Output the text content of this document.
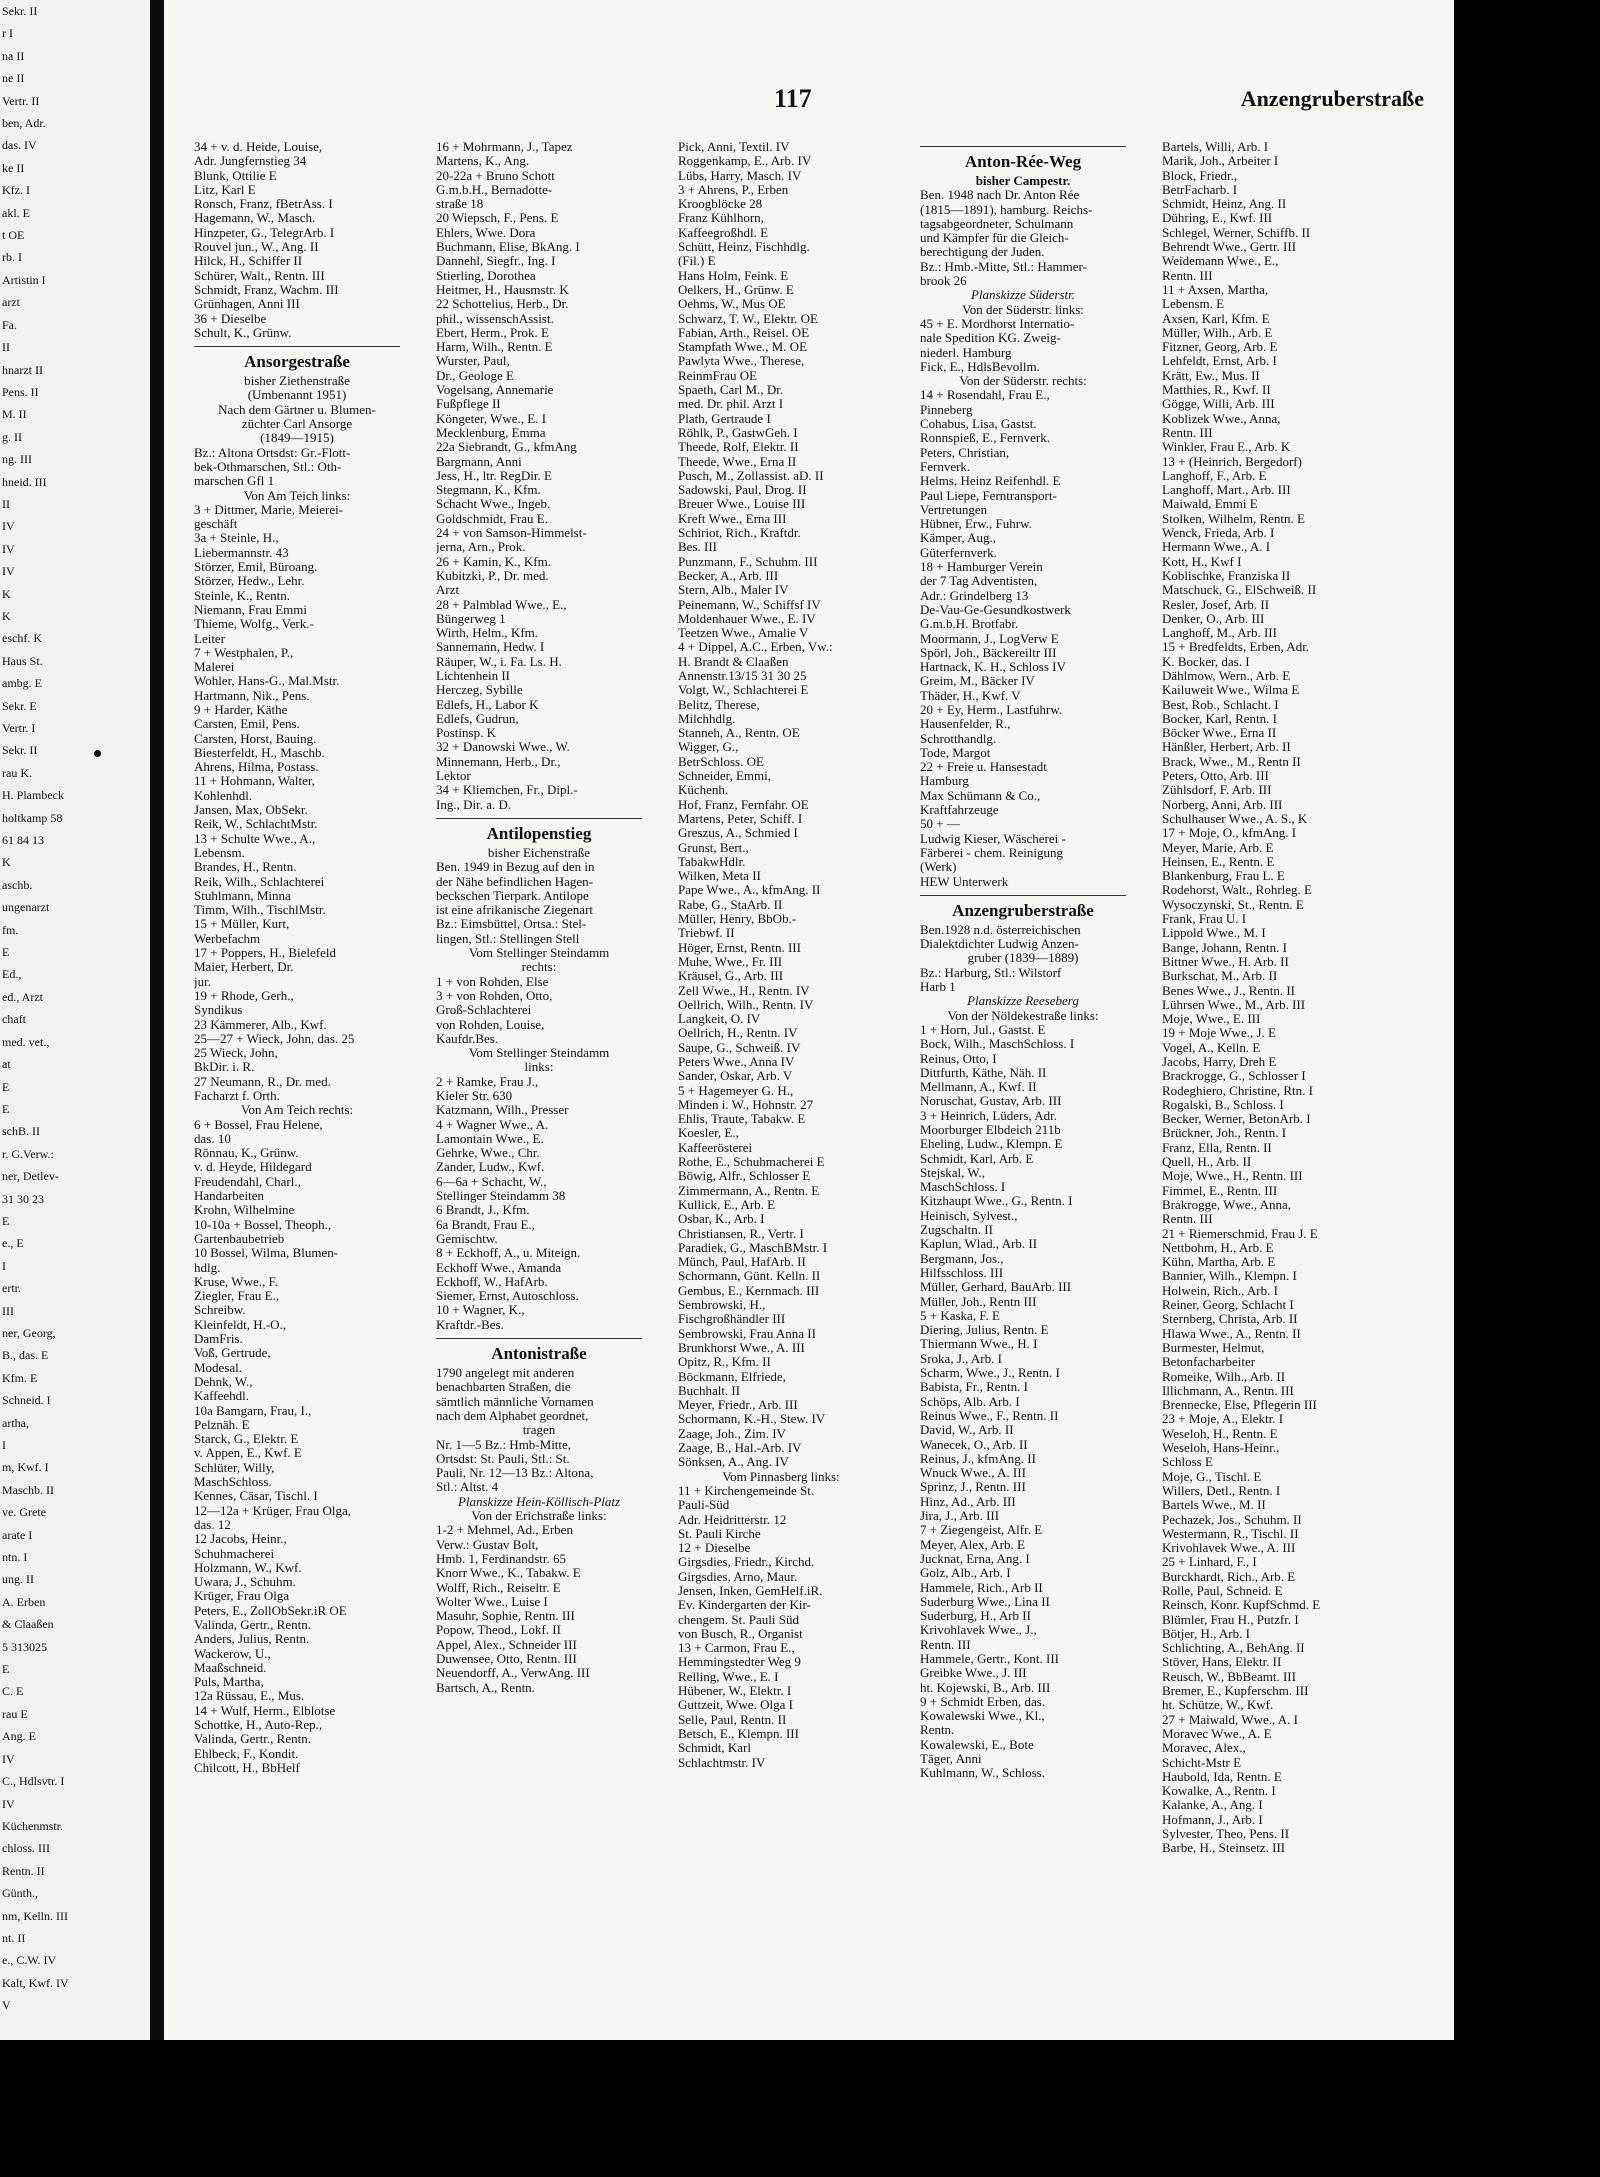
Sekr. II
r I
na II
ne II
Vertr. II
ben, Adr.
das. IV
ke II
Kfz. I
akl. E
t OE
rb. I
Artistin I
arzt
Fa.
II
hnarzt II
Pens. II
M. II
g. II
ng. III
hneid. III
II
IV
IV
IV
K
K
eschf. K
Haus St.
ambg. E
Sekr. E
Vertr. I
Sekr. II
rau K.
H. Plambeck
holtkamp 58
61 84 13
K
aschb.
ungenarzt
fm.
E
Ed.,
ed., Arzt
chaft
med. vet.,
at
E
E
schB. II
r. G.Verw.:
ner, Detlev-
31 30 23
E
e., E
I
ertr.
III
ner, Georg,
B., das. E
Kfm. E
Schneid. I
artha,
I
m, Kwf. I
Maschb. II
ve. Grete
arate I
ntn. I
ung. II
A. Erben
& Claaßen
5 313025
E
C. E
rau E
Ang. E
IV
C., Hdlsvtr. I
IV
Küchenmstr.
chloss. III
Rentn. II
Günth.,
nm, Kelln. III
nt. II
e., C.W. IV
Kalt, Kwf. IV
V
117	Anzengruberstraße
34 + v. d. Heide, Louise,
Adr. Jungfernstieg 34
Blunk, Ottilie E
Litz, Karl E
Ronsch, Franz, fBetrAss. I
Hagemann, W., Masch.
Hinzpeter, G., TelegrArb. I
Rouvel jun., W., Ang. II
Hilck, H., Schiffer II
Schürer, Walt., Rentn. III
Schmidt, Franz, Wachm. III
Grünhagen, Anni III
36 + Dieselbe
Schult, K., Grünw.
Ansorgestraße
bisher Ziethenstraße
(Umbenannt 1951)
Nach dem Gärtner u. Blumen-
züchter Carl Ansorge
(1849—1915)
Bz.: Altona Ortsdst: Gr.-Flott-
bek-Othmarschen, Stl.: Oth-
marschen Gfl 1
Von Am Teich links:
3 + Dittmer, Marie, Meierei-
geschäft
3a + Steinle, H.,
Liebermannstr. 43
Störzer, Emil, Büroang.
Störzer, Hedw., Lehr.
Steinle, K., Rentn.
Niemann, Frau Emmi
Thieme, Wolfg., Verk.-
Leiter
7 + Westphalen, P.,
Malerei
Wohler, Hans-G., Mal.Mstr.
Hartmann, Nik., Pens.
9 + Harder, Käthe
Carsten, Emil, Pens.
Carsten, Horst, Bauing.
Biesterfeldt, H., Maschb.
Ahrens, Hilma, Postass.
11 + Hohmann, Walter,
Kohlenhdl.
Jansen, Max, ObSekr.
Reik, W., SchlachtMstr.
13 + Schulte Wwe., A.,
Lebensm.
Brandes, H., Rentn.
Reik, Wilh., Schlachterei
Stuhlmann, Minna
Timm, Wilh., TischlMstr.
15 + Müller, Kurt,
Werbefachm
17 + Poppers, H., Bielefeld
Maier, Herbert, Dr.
jur.
19 + Rhode, Gerh.,
Syndikus
23 Kämmerer, Alb., Kwf.
25—27 + Wieck, John, das. 25
25 Wieck, John,
BkDir. i. R.
27 Neumann, R., Dr. med.
Facharzt f. Orth.
Von Am Teich rechts:
6 + Bossel, Frau Helene,
das. 10
Rönnau, K., Grünw.
v. d. Heyde, Hildegard
Freudendahl, Charl.,
Handarbeiten
Krohn, Wilhelmine
10-10a + Bossel, Theoph.,
Gartenbaubetrieb
10 Bossel, Wilma, Blumen-
hdlg.
Kruse, Wwe., F.
Ziegler, Frau E.,
Schreibw.
Kleinfeldt, H.-O.,
DamFris.
Voß, Gertrude,
Modesal.
Dehnk, W.,
Kaffeehdl.
10a Bamgarn, Frau, I.,
Pelznäh. E
Starck, G., Elektr. E
v. Appen, E., Kwf. E
Schlüter, Willy,
MaschSchloss.
Kennes, Cäsar, Tischl. I
12—12a + Krüger, Frau Olga,
das. 12
12 Jacobs, Heinr.,
Schuhmacherei
Holzmann, W., Kwf.
Uwara, J., Schuhm.
Krüger, Frau Olga
Peters, E., ZollObSekr.iR OE
Valinda, Gertr., Rentn.
Anders, Julius, Rentn.
Wackerow, U.,
Maaßschneid.
Puls, Martha,
12a Rüssau, E., Mus.
14 + Wulf, Herm., Elblotse
Schottke, H., Auto-Rep.,
Valinda, Gertr., Rentn.
Ehlbeck, F., Kondit.
Chilcott, H., BbHelf
16 + Mohrmann, J., Tapez
Martens, K., Ang.
20-22a + Bruno Schott
G.m.b.H., Bernadotte-
straße 18
20 Wiepsch, F., Pens. E
Ehlers, Wwe. Dora
Buchmann, Elise, BkAng. I
Dannehl, Siegfr., Ing. I
Stierling, Dorothea
Heitmer, H., Hausmstr. K
22 Schottelius, Herb., Dr.
phil., wissenschAssist.
Ebert, Herm., Prok. E
Harm, Wilh., Rentn. E
Wurster, Paul,
Dr., Geologe E
Vogelsang, Annemarie
Fußpflege II
Köngeter, Wwe., E. I
Mecklenburg, Emma
22a Siebrandt, G., kfmAng
Bargmann, Anni
Jess, H., ltr. RegDir. E
Stegmann, K., Kfm.
Schacht Wwe., Ingeb.
Goldschmidt, Frau E.
24 + von Samson-Himmelst-
jerna, Arn., Prok.
26 + Kamin, K., Kfm.
Kubitzki, P., Dr. med.
Arzt
28 + Palmblad Wwe., E.,
Büngerweg 1
Wirth, Helm., Kfm.
Sannemann, Hedw. I
Räuper, W., i. Fa. Ls. H.
Lichtenhein II
Herczeg, Sybille
Edlefs, H., Labor K
Edlefs, Gudrun,
Postinsp. K
32 + Danowski Wwe., W.
Minnemann, Herb., Dr.,
Lektor
34 + Kliemchen, Fr., Dipl.-
Ing., Dir. a. D.
Antilopenstieg
bisher Eichenstraße
Ben. 1949 in Bezug auf den in
der Nähe befindlichen Hagen-
beckschen Tierpark. Antilope
ist eine afrikanische Ziegenart
Bz.: Eimsbüttel, Ortsa.: Stel-
lingen, Stl.: Stellingen Stell
Vom Stellinger Steindamm
rechts:
1 + von Rohden, Else
3 + von Rohden, Otto,
Groß-Schlachterei
von Rohden, Louise,
Kaufdr.Bes.
Vom Stellinger Steindamm
links:
2 + Ramke, Frau J.,
Kieler Str. 630
Katzmann, Wilh., Presser
4 + Wagner Wwe., A.
Lamontain Wwe., E.
Gehrke, Wwe., Chr.
Zander, Ludw., Kwf.
6—6a + Schacht, W.,
Stellinger Steindamm 38
6 Brandt, J., Kfm.
6a Brandt, Frau E.,
Gemischtw.
8 + Eckhoff, A., u. Miteign.
Eckhoff Wwe., Amanda
Eckhoff, W., HafArb.
Siemer, Ernst, Autoschloss.
10 + Wagner, K.,
Kraftdr.-Bes.
Antonistraße
1790 angelegt mit anderen
benachbarten Straßen, die
sämtlich männliche Vornamen
nach dem Alphabet geordnet,
tragen
Nr. 1—5 Bz.: Hmb-Mitte,
Ortsdst: St. Pauli, Stl.: St.
Pauli, Nr. 12—13 Bz.: Altona,
Stl.: Altst. 4
Planskizze Hein-Köllisch-Platz
Von der Erichstraße links:
1-2 + Mehmel, Ad., Erben
Verw.: Gustav Bolt,
Hmb. 1, Ferdinandstr. 65
Knorr Wwe., K., Tabakw. E
Wolff, Rich., Reiseltr. E
Wolter Wwe., Luise I
Masuhr, Sophie, Rentn. III
Popow, Theod., Lokf. II
Appel, Alex., Schneider III
Duwensee, Otto, Rentn. III
Neuendorff, A., VerwAng. III
Bartsch, A., Rentn.
Pick, Anni, Textil. IV
Roggenkamp, E., Arb. IV
Lübs, Harry, Masch. IV
3 + Ahrens, P., Erben
Kroogblöcke 28
Franz Kühlhorn,
Kaffeegroßhdl. E
Schütt, Heinz, Fischhdlg.
(Fil.) E
Hans Holm, Feink. E
Oelkers, H., Grünw. E
Oehms, W., Mus OE
Schwarz, T. W., Elektr. OE
Fabian, Arth., Reisel. OE
Stampfath Wwe., M. OE
Pawlyta Wwe., Therese,
ReinmFrau OE
Spaeth, Carl M., Dr.
med. Dr. phil. Arzt I
Plath, Gertraude I
Röhlk, P., GastwGeh. I
Theede, Rolf, Elektr. II
Theede, Wwe., Erna II
Pusch, M., Zollassist. aD. II
Sadowski, Paul, Drog. II
Breuer Wwe., Louise III
Kreft Wwe., Erna III
Schiriot, Rich., Kraftdr.
Bes. III
Punzmann, F., Schuhm. III
Becker, A., Arb. III
Stern, Alb., Maler IV
Peinemann, W., Schiffsf IV
Moldenhauer Wwe., E. IV
Teetzen Wwe., Amalie V
4 + Dippel, A.C., Erben, Vw.:
H. Brandt & Claaßen
Annenstr.13/15 31 30 25
Volgt, W., Schlachterei E
Belitz, Therese,
Milchhdlg.
Stanneh, A., Rentn. OE
Wigger, G.,
BetrSchloss. OE
Schneider, Emmi,
Küchenh.
Hof, Franz, Fernfahr. OE
Martens, Peter, Schiff. I
Greszus, A., Schmied I
Grunst, Bert.,
TabakwHdlr.
Wilken, Meta II
Pape Wwe., A., kfmAng. II
Rabe, G., StaArb. II
Müller, Henry, BbOb.-
Triebwf. II
Höger, Ernst, Rentn. III
Muhe, Wwe., Fr. III
Kräusel, G., Arb. III
Zell Wwe., H., Rentn. IV
Oellrich, Wilh., Rentn. IV
Langkeit, O. IV
Oellrich, H., Rentn. IV
Saupe, G., Schweiß. IV
Peters Wwe., Anna IV
Sander, Oskar, Arb. V
5 + Hagemeyer G. H.,
Minden i. W., Hohnstr. 27
Ehlis, Traute, Tabakw. E
Koesler, E.,
Kaffeerösterei
Rothe, E., Schuhmacherei E
Böwig, Alfr., Schlosser E
Zimmermann, A., Rentn. E
Kullick, E., Arb. E
Osbar, K., Arb. I
Christiansen, R., Vertr. I
Paradiek, G., MaschBMstr. I
Münch, Paul, HafArb. II
Schormann, Günt. Kelln. II
Gembus, E., Kernmach. III
Sembrowski, H.,
Fischgroßhändler III
Sembrowski, Frau Anna II
Brunkhorst Wwe., A. III
Opitz, R., Kfm. II
Böckmann, Elfriede,
Buchhalt. II
Meyer, Friedr., Arb. III
Schormann, K.-H., Stew. IV
Zaage, Joh., Zim. IV
Zaage, B., Hal.-Arb. IV
Sönksen, A., Ang. IV
Vom Pinnasberg links:
11 + Kirchengemeinde St.
Pauli-Süd
Adr. Heidritterstr. 12
St. Pauli Kirche
12 + Dieselbe
Girgsdies, Friedr., Kirchd.
Girgsdies, Arno, Maur.
Jensen, Inken, GemHelf.iR.
Ev. Kindergarten der Kir-
chengem. St. Pauli Süd
von Busch, R., Organist
13 + Carmon, Frau E.,
Hemmingstedter Weg 9
Relling, Wwe., E. I
Hübener, W., Elektr. I
Guttzeit, Wwe. Olga I
Selle, Paul, Rentn. II
Betsch, E., Klempn. III
Schmidt, Karl
Schlachtmstr. IV
Anton-Rée-Weg
bisher Campestr.
Ben. 1948 nach Dr. Anton Rée
(1815—1891), hamburg. Reichs-
tagsabgeordneter, Schulmann
und Kämpfer für die Gleich-
berechtigung der Juden.
Bz.: Hmb.-Mitte, Stl.: Hammer-
brook 26
Planskizze Süderstr.
Von der Süderstr. links:
45 + E. Mordhorst Internatio-
nale Spedition KG. Zweig-
niederl. Hamburg
Fick, E., HdlsBevollm.
Von der Süderstr. rechts:
14 + Rosendahl, Frau E.,
Pinneberg
Cohabus, Lisa, Gastst.
Ronnspieß, E., Fernverk.
Peters, Christian,
Fernverk.
Helms, Heinz Reifenhdl. E
Paul Liepe, Ferntransport-
Vertretungen
Hübner, Erw., Fuhrw.
Kämper, Aug.,
Güterfernverk.
18 + Hamburger Verein
der 7 Tag Adventisten,
Adr.: Grindelberg 13
De-Vau-Ge-Gesundkostwerk
G.m.b.H. Brotfabr.
Moormann, J., LogVerw E
Spörl, Joh., Bäckereiltr III
Hartnack, K. H., Schloss IV
Greim, M., Bäcker IV
Thäder, H., Kwf. V
20 + Ey, Herm., Lastfuhrw.
Hausenfelder, R.,
Schrotthandlg.
Tode, Margot
22 + Freie u. Hansestadt
Hamburg
Max Schümann & Co.,
Kraftfahrzeuge
50 + —
Ludwig Kieser, Wäscherei -
Färberei - chem. Reinigung
(Werk)
HEW Unterwerk
Anzengruberstraße
Ben.1928 n.d. österreichischen
Dialektdichter Ludwig Anzen-
gruber (1839—1889)
Bz.: Harburg, Stl.: Wilstorf
Harb 1
Planskizze Reeseberg
Von der Nöldekestraße links:
1 + Horn, Jul., Gastst. E
Bock, Wilh., MaschSchloss. I
Reinus, Otto, I
Dittfurth, Käthe, Näh. II
Mellmann, A., Kwf. II
Noruschat, Gustav, Arb. III
3 + Heinrich, Lüders, Adr.
Moorburger Elbdeich 211b
Eheling, Ludw., Klempn. E
Schmidt, Karl, Arb. E
Stejskal, W.,
MaschSchloss. I
Kitzhaupt Wwe., G., Rentn. I
Heinisch, Sylvest.,
Zugschaltn. II
Kaplun, Wlad., Arb. II
Bergmann, Jos.,
Hilfsschloss. III
Müller, Gerhard, BauArb. III
Müller, Joh., Rentn III
5 + Kaska, F. E
Diering, Julius, Rentn. E
Thiermann Wwe., H. I
Sroka, J., Arb. I
Scharm, Wwe., J., Rentn. I
Babista, Fr., Rentn. I
Schöps, Alb. Arb. I
Reinus Wwe., F., Rentn. II
David, W., Arb. II
Wanecek, O., Arb. II
Reinus, J., kfmAng. II
Wnuck Wwe., A. III
Sprinz, J., Rentn. III
Hinz, Ad., Arb. III
Jira, J., Arb. III
7 + Ziegengeist, Alfr. E
Meyer, Alex, Arb. E
Jucknat, Erna, Ang. I
Golz, Alb., Arb. I
Hammele, Rich., Arb II
Suderburg Wwe., Lina II
Suderburg, H., Arb II
Krivohlavek Wwe., J.,
Rentn. III
Hammele, Gertr., Kont. III
Greibke Wwe., J. III
ht. Kojewski, B., Arb. III
9 + Schmidt Erben, das.
Kowalewski Wwe., Kl.,
Rentn.
Kowalewski, E., Bote
Täger, Anni
Kuhlmann, W., Schloss.
Bartels, Willi, Arb. I
Marik, Joh., Arbeiter I
Block, Friedr.,
BetrFacharb. I
Schmidt, Heinz, Ang. II
Dühring, E., Kwf. III
Schlegel, Werner, Schiffb. II
Behrendt Wwe., Gertr. III
Weidemann Wwe., E.,
Rentn. III
11 + Axsen, Martha,
Lebensm. E
Axsen, Karl, Kfm. E
Müller, Wilh., Arb. E
Fitzner, Georg, Arb. E
Lehfeldt, Ernst, Arb. I
Krätt, Ew., Mus. II
Matthies, R., Kwf. II
Gögge, Willi, Arb. III
Koblizek Wwe., Anna,
Rentn. III
Winkler, Frau E., Arb. K
13 + (Heinrich, Bergedorf)
Langhoff, F., Arb. E
Langhoff, Mart., Arb. III
Maiwald, Emmi E
Stolken, Wilhelm, Rentn. E
Wenck, Frieda, Arb. I
Hermann Wwe., A. I
Kott, H., Kwf I
Koblischke, Franziska II
Matschuck, G., ElSchweiß. II
Resler, Josef, Arb. II
Denker, O., Arb. III
Langhoff, M., Arb. III
15 + Bredfeldts, Erben, Adr.
K. Bocker, das. I
Dählmow, Wern., Arb. E
Kailuweit Wwe., Wilma E
Best, Rob., Schlacht. I
Bocker, Karl, Rentn. I
Böcker Wwe., Erna II
Hänßler, Herbert, Arb. II
Brack, Wwe., M., Rentn II
Peters, Otto, Arb. III
Zühlsdorf, F. Arb. III
Norberg, Anni, Arb. III
Schulhauser Wwe., A. S., K
17 + Moje, O., kfmAng. I
Meyer, Marie, Arb. E
Heinsen, E., Rentn. E
Blankenburg, Frau L. E
Rodehorst, Walt., Rohrleg. E
Wysoczynski, St., Rentn. E
Frank, Frau U. I
Lippold Wwe., M. I
Bange, Johann, Rentn. I
Bittner Wwe., H. Arb. II
Burkschat, M., Arb. II
Benes Wwe., J., Rentn. II
Lührsen Wwe., M., Arb. III
Moje, Wwe., E. III
19 + Moje Wwe., J. E
Vogel, A., Kelln. E
Jacobs, Harry, Dreh E
Brackrogge, G., Schlosser I
Rodeghiero, Christine, Rtn. I
Rogalski, B., Schloss. I
Becker, Werner, BetonArb. I
Brückner, Joh., Rentn. I
Franz, Ella, Rentn. II
Quell, H., Arb. II
Moje, Wwe., H., Rentn. III
Fimmel, E., Rentn. III
Brakrogge, Wwe., Anna,
Rentn. III
21 + Riemerschmid, Frau J. E
Nettbohm, H., Arb. E
Kühn, Martha, Arb. E
Bannier, Wilh., Klempn. I
Holwein, Rich., Arb. I
Reiner, Georg, Schlacht I
Sternberg, Christa, Arb. II
Hlawa Wwe., A., Rentn. II
Burmester, Helmut,
Betonfacharbeiter
Romeike, Wilh., Arb. II
Illichmann, A., Rentn. III
Brennecke, Else, Pflegerin III
23 + Moje, A., Elektr. I
Weseloh, H., Rentn. E
Weseloh, Hans-Heinr.,
Schloss E
Moje, G., Tischl. E
Willers, Detl., Rentn. I
Bartels Wwe., M. II
Pechazek, Jos., Schuhm. II
Westermann, R., Tischl. II
Krivohlavek Wwe., A. III
25 + Linhard, F., I
Burckhardt, Rich., Arb. E
Rolle, Paul, Schneid. E
Reinsch, Konr. KupfSchmd. E
Blümler, Frau H., Putzfr. I
Bötjer, H., Arb. I
Schlichting, A., BehAng. II
Stöver, Hans, Elektr. II
Reusch, W., BbBeamt. III
Bremer, E., Kupferschm. III
ht. Schütze, W., Kwf.
27 + Maiwald, Wwe., A. I
Moravec Wwe., A. E
Moravec, Alex.,
Schicht-Mstr E
Haubold, Ida, Rentn. E
Kowalke, A., Rentn. I
Kalanke, A., Ang. I
Hofmann, J., Arb. I
Sylvester, Theo, Pens. II
Barbe, H., Steinsetz. III
